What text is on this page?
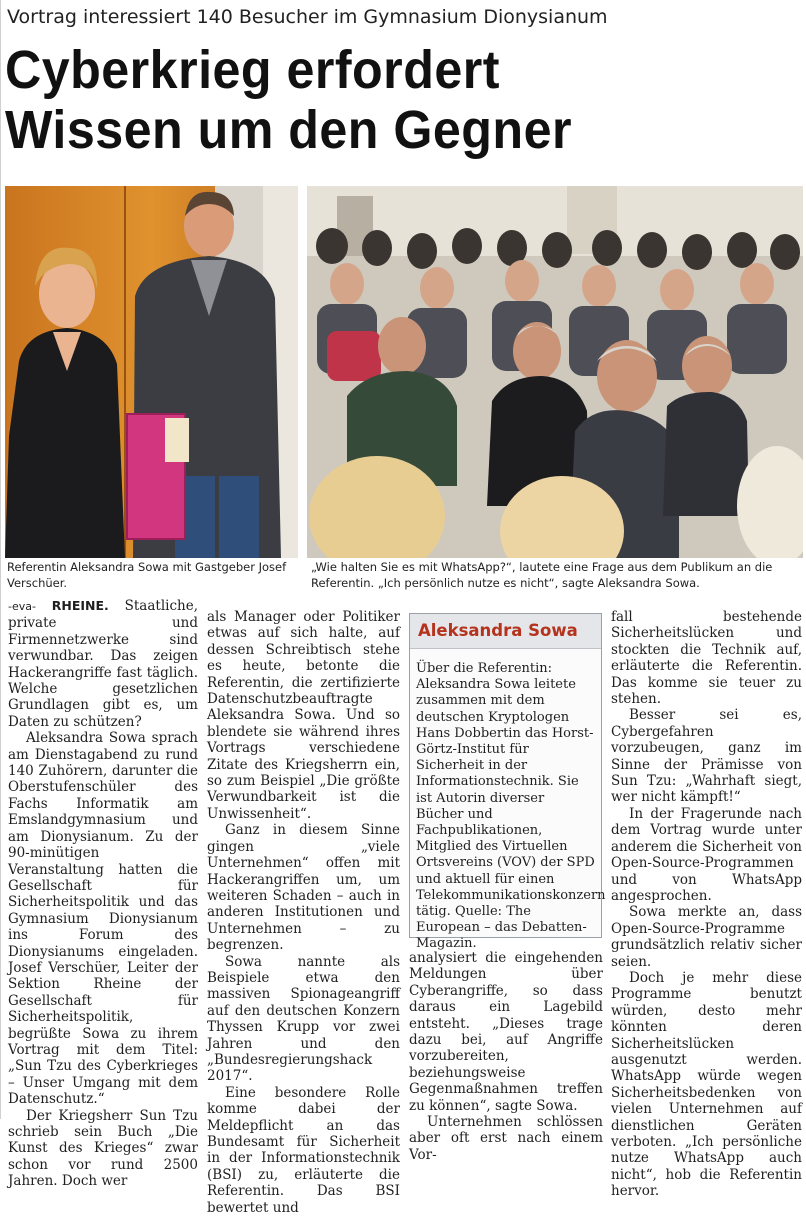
Vortrag interessiert 140 Besucher im Gymnasium Dionysianum
Cyberkrieg erfordert
Wissen um den Gegner
Referentin Aleksandra Sowa mit Gastgeber Josef Verschüer.
„Wie halten Sie es mit WhatsApp?“, lautete eine Frage aus dem Publikum an die Referentin. „Ich persönlich nutze es nicht“, sagte Aleksandra Sowa.

-eva- RHEINE. Staatliche, private und Firmennetzwerke sind verwundbar. Das zeigen Hackerangriffe fast täglich. Welche gesetzlichen Grundlagen gibt es, um Daten zu schützen?

Aleksandra Sowa sprach am Dienstagabend zu rund 140 Zuhörern, darunter die Oberstufenschüler des Fachs Informatik am Emslandgymnasium und am Dionysianum. Zu der 90-minütigen Veranstaltung hatten die Gesellschaft für Sicherheitspolitik und das Gymnasium Dionysianum ins Forum des Dionysianums eingeladen. Josef Verschüer, Leiter der Sektion Rheine der Gesellschaft für Sicherheitspolitik, begrüßte Sowa zu ihrem Vortrag mit dem Titel: „Sun Tzu des Cyberkrieges – Unser Umgang mit dem Datenschutz.“

Der Kriegsherr Sun Tzu schrieb sein Buch „Die Kunst des Krieges“ zwar schon vor rund 2500 Jahren. Doch wer

als Manager oder Politiker etwas auf sich halte, auf dessen Schreibtisch stehe es heute, betonte die Referentin, die zertifizierte Datenschutzbeauftragte Aleksandra Sowa. Und so blendete sie während ihres Vortrags verschiedene Zitate des Kriegsherrn ein, so zum Beispiel „Die größte Verwundbarkeit ist die Unwissenheit“.

Ganz in diesem Sinne gingen „viele Unternehmen“ offen mit Hackerangriffen um, um weiteren Schaden – auch in anderen Institutionen und Unternehmen – zu begrenzen.

Sowa nannte als Beispiele etwa den massiven Spionageangriff auf den deutschen Konzern Thyssen Krupp vor zwei Jahren und den „Bundesregierungshack 2017“.

Eine besondere Rolle komme dabei der Meldepflicht an das Bundesamt für Sicherheit in der Informationstechnik (BSI) zu, erläuterte die Referentin. Das BSI bewertet und

Aleksandra Sowa

Über die Referentin: Aleksandra Sowa leitete zusammen mit dem deutschen Kryptologen Hans Dobbertin das Horst-Görtz-Institut für Sicherheit in der Informationstechnik. Sie ist Autorin diverser Bücher und Fachpublikationen, Mitglied des Virtuellen Ortsvereins (VOV) der SPD und aktuell für einen Telekommunikationskonzern tätig. Quelle: The European – das Debatten-Magazin.

analysiert die eingehenden Meldungen über Cyberangriffe, so dass daraus ein Lagebild entsteht. „Dieses trage dazu bei, auf Angriffe vorzubereiten, beziehungsweise Gegenmaßnahmen treffen zu können“, sagte Sowa.

Unternehmen schlössen aber oft erst nach einem Vor-

fall bestehende Sicherheitslücken und stockten die Technik auf, erläuterte die Referentin. Das komme sie teuer zu stehen.

Besser sei es, Cybergefahren vorzubeugen, ganz im Sinne der Prämisse von Sun Tzu: „Wahrhaft siegt, wer nicht kämpft!“

In der Fragerunde nach dem Vortrag wurde unter anderem die Sicherheit von Open-Source-Programmen und von WhatsApp angesprochen.

Sowa merkte an, dass Open-Source-Programme grundsätzlich relativ sicher seien.

Doch je mehr diese Programme benutzt würden, desto mehr könnten deren Sicherheitslücken ausgenutzt werden. WhatsApp würde wegen Sicherheitsbedenken von vielen Unternehmen auf dienstlichen Geräten verboten. „Ich persönliche nutze WhatsApp auch nicht“, hob die Referentin hervor.
